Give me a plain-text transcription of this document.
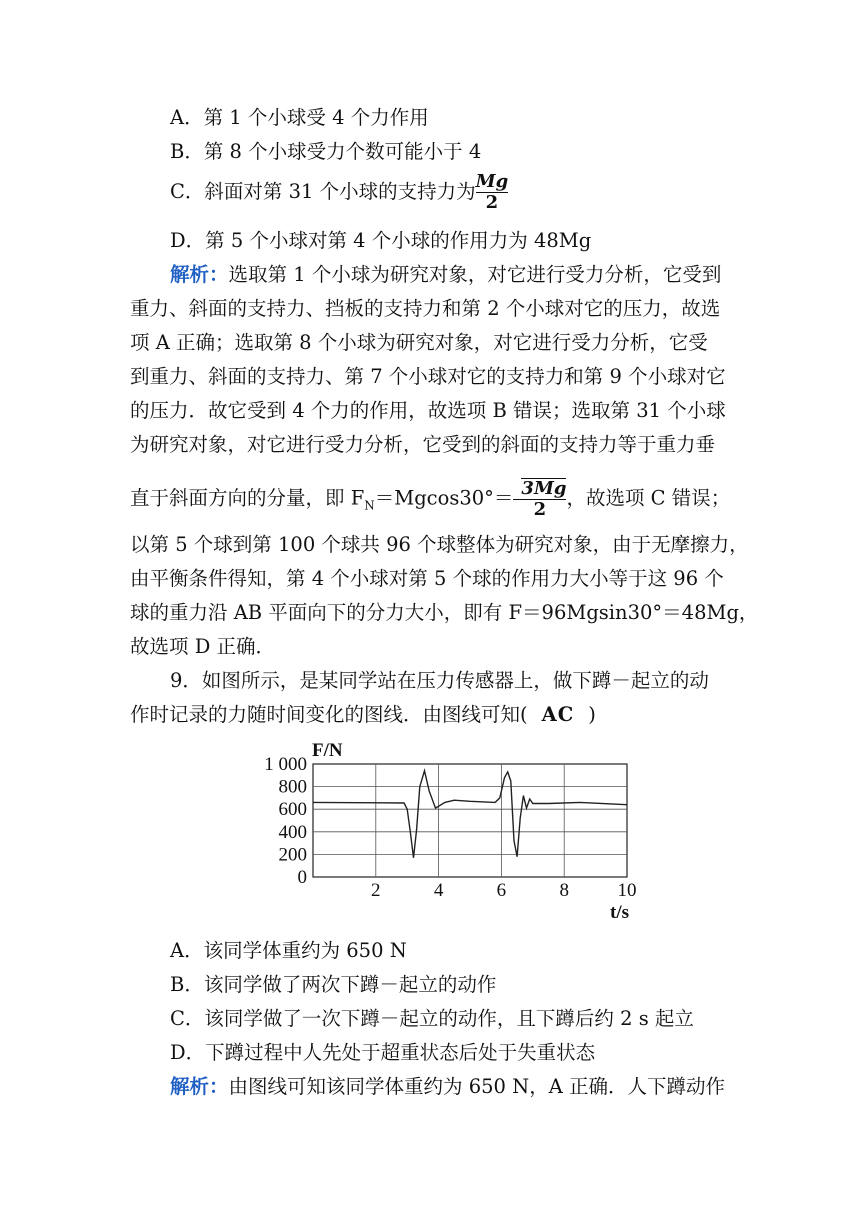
A．第 1 个小球受 4 个力作用
B．第 8 个小球受力个数可能小于 4
C．斜面对第 31 个小球的支持力为 $\frac{Mg}{2}$
D．第 5 个小球对第 4 个小球的作用力为 48Mg
解析：选取第 1 个小球为研究对象，对它进行受力分析，它受到
重力、斜面的支持力、挡板的支持力和第 2 个小球对它的压力，故选
项 A 正确；选取第 8 个小球为研究对象，对它进行受力分析，它受
到重力、斜面的支持力、第 7 个小球对它的支持力和第 9 个小球对它
的压力．故它受到 4 个力的作用，故选项 B 错误；选取第 31 个小球
为研究对象，对它进行受力分析，它受到的斜面的支持力等于重力垂
直于斜面方向的分量，即 $F_N=Mgcos30^\circ= \frac{3Mg}{2}$ ，故选项 C 错误；
以第 5 个球到第 100 个球共 96 个球整体为研究对象，由于无摩擦力，
由平衡条件得知，第 4 个小球对第 5 个球的作用力大小等于这 96 个
球的重力沿 AB 平面向下的分力大小，即有 F＝96Mgsin30°＝48Mg，
故选项 D 正确．
9．如图所示，是某同学站在压力传感器上，做下蹲－起立的动
作时记录的力随时间变化的图线．由图线可知( AC )
2	4	6	8	10
1 000
800
600
400
200
0
F/N
t/s
A．该同学体重约为 650 N
B．该同学做了两次下蹲－起立的动作
C．该同学做了一次下蹲－起立的动作，且下蹲后约 2 s 起立
D．下蹲过程中人先处于超重状态后处于失重状态
解析：由图线可知该同学体重约为 650 N，A 正确．人下蹲动作
